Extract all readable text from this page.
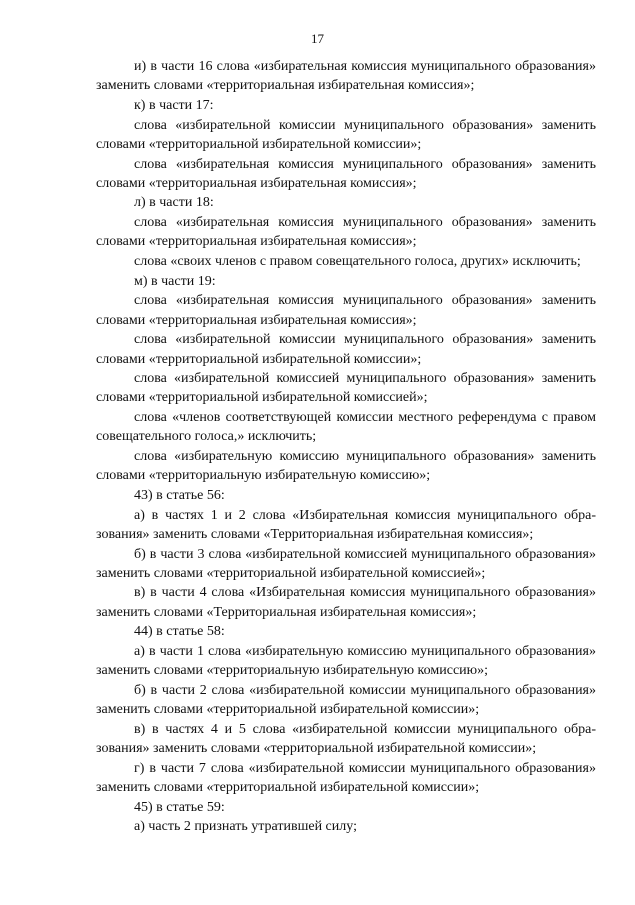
17

и) в части 16 слова «избирательная комиссия муниципального образования» заменить словами «территориальная избирательная комиссия»;

к) в части 17:

слова «избирательной комиссии муниципального образования» заменить словами «территориальной избирательной комиссии»;

слова «избирательная комиссия муниципального образования» заменить словами «территориальная избирательная комиссия»;

л) в части 18:

слова «избирательная комиссия муниципального образования» заменить словами «территориальная избирательная комиссия»;

слова «своих членов с правом совещательного голоса, других» исключить;

м) в части 19:

слова «избирательная комиссия муниципального образования» заменить словами «территориальная избирательная комиссия»;

слова «избирательной комиссии муниципального образования» заменить словами «территориальной избирательной комиссии»;

слова «избирательной комиссией муниципального образования» заменить словами «территориальной избирательной комиссией»;

слова «членов соответствующей комиссии местного референдума с правом совещательного голоса,» исключить;

слова «избирательную комиссию муниципального образования» заменить словами «территориальную избирательную комиссию»;

43) в статье 56:

а) в частях 1 и 2 слова «Избирательная комиссия муниципального образования» заменить словами «Территориальная избирательная комиссия»;

б) в части 3 слова «избирательной комиссией муниципального образования» заменить словами «территориальной избирательной комиссией»;

в) в части 4 слова «Избирательная комиссия муниципального образования» заменить словами «Территориальная избирательная комиссия»;

44) в статье 58:

а) в части 1 слова «избирательную комиссию муниципального образования» заменить словами «территориальную избирательную комиссию»;

б) в части 2 слова «избирательной комиссии муниципального образования» заменить словами «территориальной избирательной комиссии»;

в) в частях 4 и 5 слова «избирательной комиссии муниципального образования» заменить словами «территориальной избирательной комиссии»;

г) в части 7 слова «избирательной комиссии муниципального образования» заменить словами «территориальной избирательной комиссии»;

45) в статье 59:

а) часть 2 признать утратившей силу;
